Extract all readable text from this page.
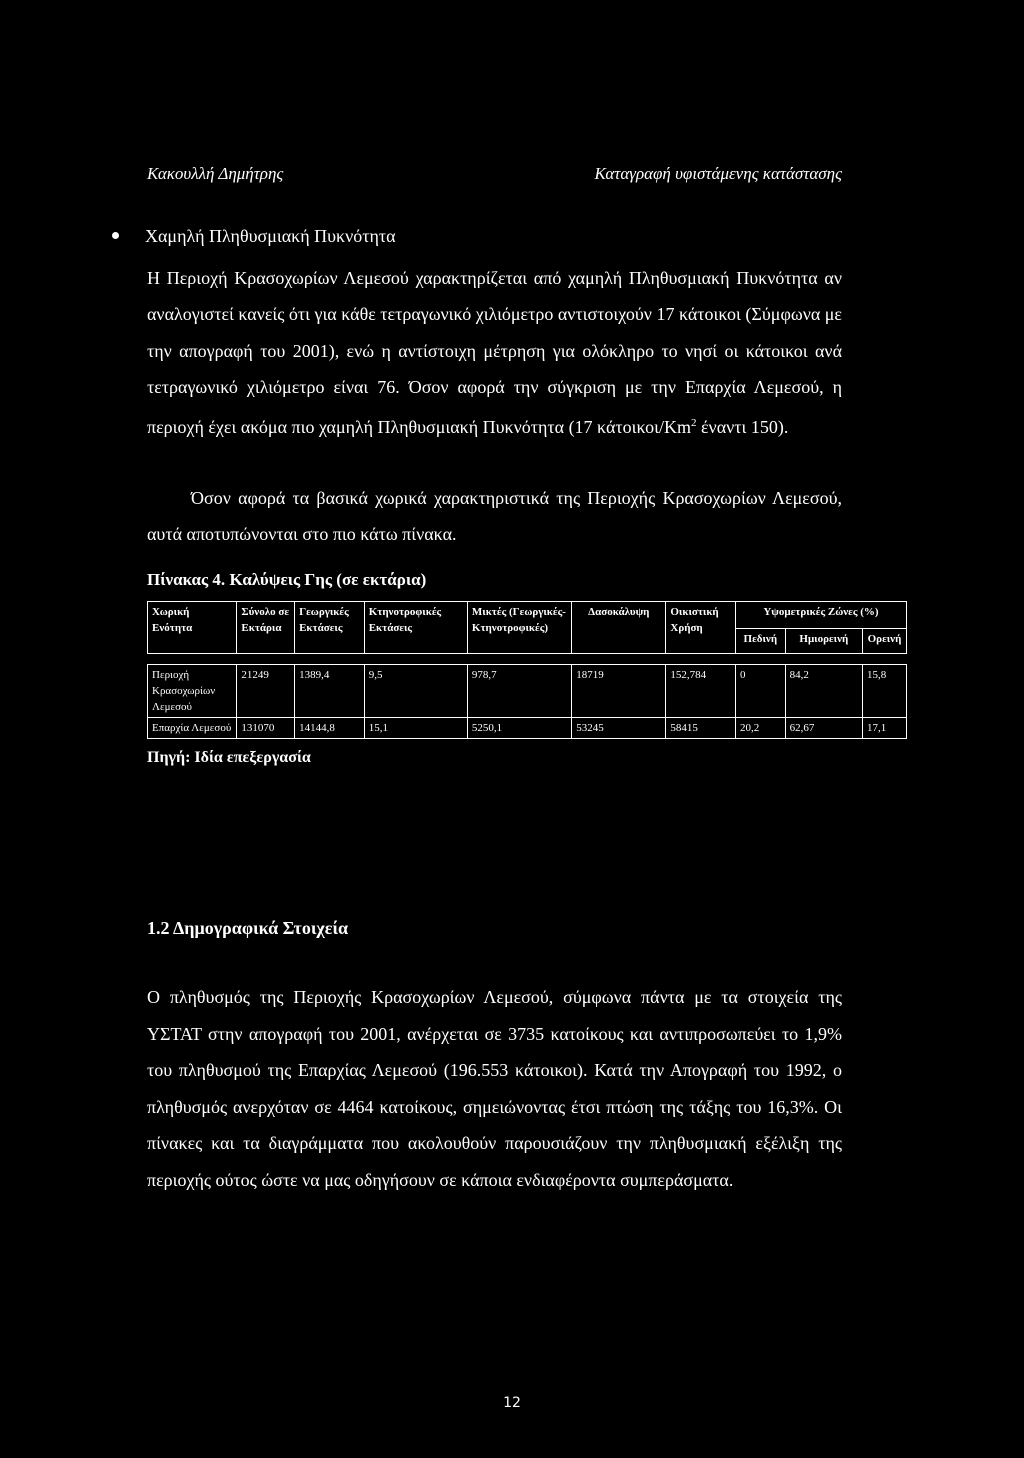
Κακουλλή Δημήτρης	Καταγραφή υφιστάμενης κατάστασης
Χαμηλή Πληθυσμιακή Πυκνότητα
Η Περιοχή Κρασοχωρίων Λεμεσού χαρακτηρίζεται από χαμηλή Πληθυσμιακή Πυκνότητα αν αναλογιστεί κανείς ότι για κάθε τετραγωνικό χιλιόμετρο αντιστοιχούν 17 κάτοικοι (Σύμφωνα με την απογραφή του 2001), ενώ η αντίστοιχη μέτρηση για ολόκληρο το νησί οι κάτοικοι ανά τετραγωνικό χιλιόμετρο είναι 76. Όσον αφορά την σύγκριση με την Επαρχία Λεμεσού, η περιοχή έχει ακόμα πιο χαμηλή Πληθυσμιακή Πυκνότητα (17 κάτοικοι/Km$^2$ έναντι 150).
Όσον αφορά τα βασικά χωρικά χαρακτηριστικά της Περιοχής Κρασοχωρίων Λεμεσού, αυτά αποτυπώνονται στο πιο κάτω πίνακα.
Πίνακας 4. Καλύψεις Γης (σε εκτάρια)
Χωρική Ενότητα	Σύνολο σε Εκτάρια	Γεωργικές Εκτάσεις	Κτηνοτροφικές Εκτάσεις	Μικτές (Γεωργικές-Κτηνοτροφικές)	Δασοκάλυψη	Οικιστική Χρήση	Υψομετρικές Ζώνες (%)		
							Πεδινή	Ημιορεινή	Ορεινή

Περιοχή Κρασοχωρίων Λεμεσού	21249	1389,4	9,5	978,7	18719	152,784	0	84,2	15,8
Επαρχία Λεμεσού	131070	14144,8	15,1	5250,1	53245	58415	20,2	62,67	17,1
Πηγή: Ιδία επεξεργασία
1.2 Δημογραφικά Στοιχεία
Ο πληθυσμός της Περιοχής Κρασοχωρίων Λεμεσού, σύμφωνα πάντα με τα στοιχεία της ΥΣΤΑΤ στην απογραφή του 2001, ανέρχεται σε 3735 κατοίκους και αντιπροσωπεύει το 1,9% του πληθυσμού της Επαρχίας Λεμεσού (196.553 κάτοικοι). Κατά την Απογραφή του 1992, ο πληθυσμός ανερχόταν σε 4464 κατοίκους, σημειώνοντας έτσι πτώση της τάξης του 16,3%. Οι πίνακες και τα διαγράμματα που ακολουθούν παρουσιάζουν την πληθυσμιακή εξέλιξη της περιοχής ούτος ώστε να μας οδηγήσουν σε κάποια ενδιαφέροντα συμπεράσματα.
12
